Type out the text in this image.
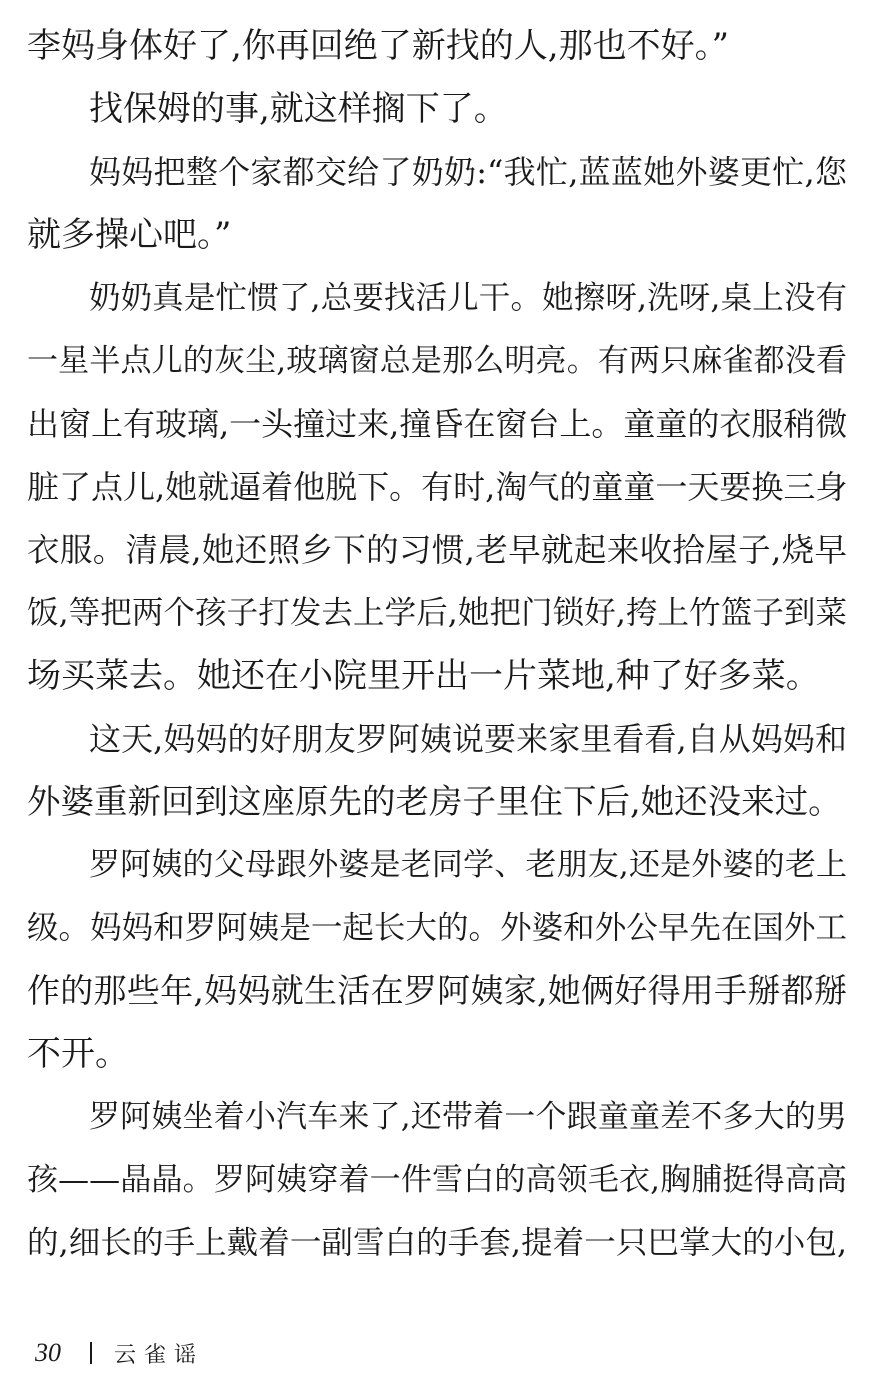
李妈身体好了,你再回绝了新找的人,那也不好。”
找保姆的事,就这样搁下了。
妈妈把整个家都交给了奶奶:“我忙,蓝蓝她外婆更忙,您
就多操心吧。”
奶奶真是忙惯了,总要找活儿干。她擦呀,洗呀,桌上没有
一星半点儿的灰尘,玻璃窗总是那么明亮。有两只麻雀都没看
出窗上有玻璃,一头撞过来,撞昏在窗台上。童童的衣服稍微
脏了点儿,她就逼着他脱下。有时,淘气的童童一天要换三身
衣服。清晨,她还照乡下的习惯,老早就起来收拾屋子,烧早
饭,等把两个孩子打发去上学后,她把门锁好,挎上竹篮子到菜
场买菜去。她还在小院里开出一片菜地,种了好多菜。
这天,妈妈的好朋友罗阿姨说要来家里看看,自从妈妈和
外婆重新回到这座原先的老房子里住下后,她还没来过。
罗阿姨的父母跟外婆是老同学、老朋友,还是外婆的老上
级。妈妈和罗阿姨是一起长大的。外婆和外公早先在国外工
作的那些年,妈妈就生活在罗阿姨家,她俩好得用手掰都掰
不开。
罗阿姨坐着小汽车来了,还带着一个跟童童差不多大的男
孩——晶晶。罗阿姨穿着一件雪白的高领毛衣,胸脯挺得高高
的,细长的手上戴着一副雪白的手套,提着一只巴掌大的小包,
30 云雀谣
